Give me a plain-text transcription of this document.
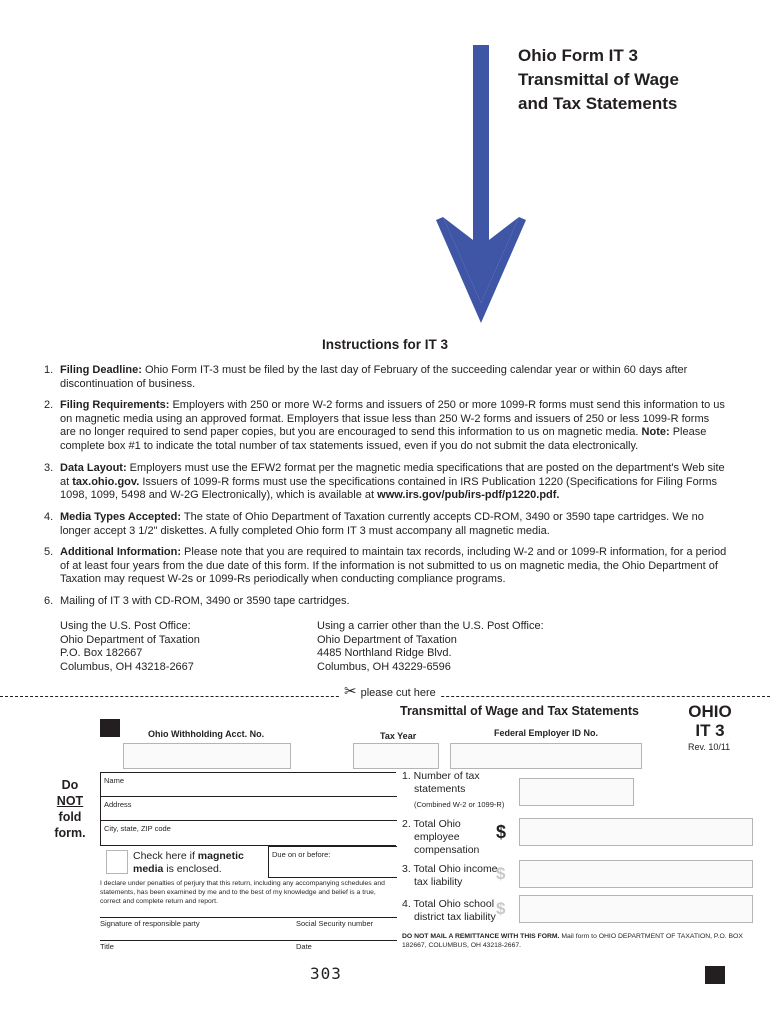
Ohio Form IT 3
Transmittal of Wage
and Tax Statements
Instructions for IT 3
1. Filing Deadline: Ohio Form IT-3 must be filed by the last day of February of the succeeding calendar year or within 60 days after discontinuation of business.
2. Filing Requirements: Employers with 250 or more W-2 forms and issuers of 250 or more 1099-R forms must send this information to us on magnetic media using an approved format. Employers that issue less than 250 W-2 forms and issuers of 250 or less 1099-R forms are no longer required to send paper copies, but you are encouraged to send this information to us on magnetic media. Note: Please complete box #1 to indicate the total number of tax statements issued, even if you do not submit the data electronically.
3. Data Layout: Employers must use the EFW2 format per the magnetic media specifications that are posted on the department's Web site at tax.ohio.gov. Issuers of 1099-R forms must use the specifications contained in IRS Publication 1220 (Specifications for Filing Forms 1098, 1099, 5498 and W-2G Electronically), which is available at www.irs.gov/pub/irs-pdf/p1220.pdf.
4. Media Types Accepted: The state of Ohio Department of Taxation currently accepts CD-ROM, 3490 or 3590 tape cartridges. We no longer accept 3 1/2" diskettes. A fully completed Ohio form IT 3 must accompany all magnetic media.
5. Additional Information: Please note that you are required to maintain tax records, including W-2 and or 1099-R information, for a period of at least four years from the due date of this form. If the information is not submitted to us on magnetic media, the Ohio Department of Taxation may request W-2s or 1099-Rs periodically when conducting compliance programs.
6. Mailing of IT 3 with CD-ROM, 3490 or 3590 tape cartridges.
Using the U.S. Post Office:
Ohio Department of Taxation
P.O. Box 182667
Columbus, OH 43218-2667
Using a carrier other than the U.S. Post Office:
Ohio Department of Taxation
4485 Northland Ridge Blvd.
Columbus, OH 43229-6596
✂ please cut here
Ohio Withholding Acct. No.
Transmittal of Wage and Tax Statements
Tax Year	Federal Employer ID No.
OHIO
IT 3
Rev. 10/11
Do
NOT
fold
form.
Name
Address
City, state, ZIP code
Check here if magnetic media is enclosed.
Due on or before:
I declare under penalties of perjury that this return, including any accompanying schedules and statements, has been examined by me and to the best of my knowledge and belief is a true, correct and complete return and report.
Signature of responsible party	Social Security number
Title	Date
1. Number of tax
statements
(Combined W-2 or 1099-R)
2. Total Ohio
employee
compensation
$
3. Total Ohio income
tax liability	$
4. Total Ohio school
district tax liability $
DO NOT MAIL A REMITTANCE WITH THIS FORM. Mail form to OHIO DEPARTMENT OF TAXATION, P.O. BOX 182667, COLUMBUS, OH 43218-2667.
303
